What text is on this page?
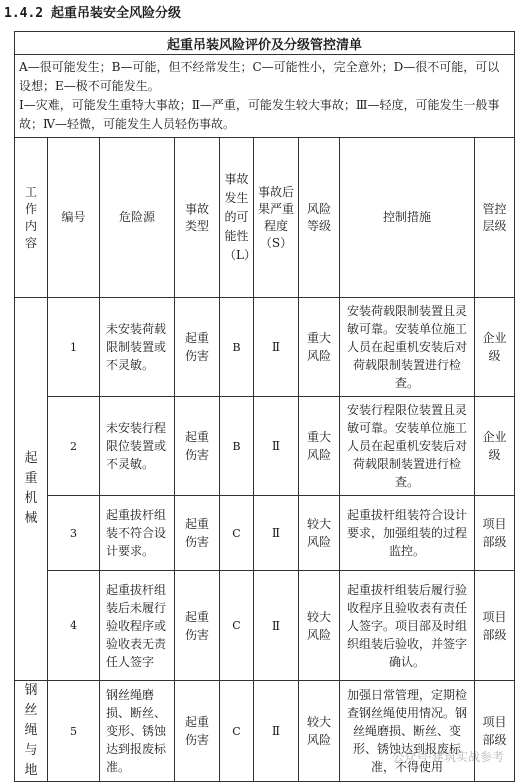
1.4.2 起重吊装安全风险分级
起重吊装风险评价及分级管控清单								

A—很可能发生；B—可能，但不经常发生；C—可能性小，完全意外；D—很不可能，可以设想；E—极不可能发生。
Ⅰ—灾难，可能发生重特大事故；Ⅱ—严重，可能发生较大事故；Ⅲ—轻度，可能发生一般事故；Ⅳ—轻微，可能发生人员轻伤事故。								

工作内容	编号	危险源	事故类型	事故发生的可能性（L）	事故后果严重程度（S）	风险等级	控制措施	管控层级
起重机械	1	未安装荷载限制装置或不灵敏。	起重伤害	B	Ⅱ	重大风险	安装荷载限制装置且灵敏可靠。安装单位施工人员在起重机安装后对荷载限制装置进行检查。	企业级
	2	未安装行程限位装置或不灵敏。	起重伤害	B	Ⅱ	重大风险	安装行程限位装置且灵敏可靠。安装单位施工人员在起重机安装后对荷载限制装置进行检查。	企业级
	3	起重拔杆组装不符合设计要求。	起重伤害	C	Ⅱ	较大风险	起重拔杆组装符合设计要求，加强组装的过程监控。	项目部级
	4	起重拔杆组装后未履行验收程序或验收表无责任人签字	起重伤害	C	Ⅱ	较大风险	起重拔杆组装后履行验收程序且验收表有责任人签字。项目部及时组织组装后验收，并签字确认。	项目部级
钢丝绳与地	5	钢丝绳磨损、断丝、变形、锈蚀达到报废标准。	起重伤害	C	Ⅱ	较大风险	加强日常管理，定期检查钢丝绳使用情况。钢丝绳磨损、断丝、变形、锈蚀达到报废标准，不得使用	项目部级
公众号·建筑实战参考
